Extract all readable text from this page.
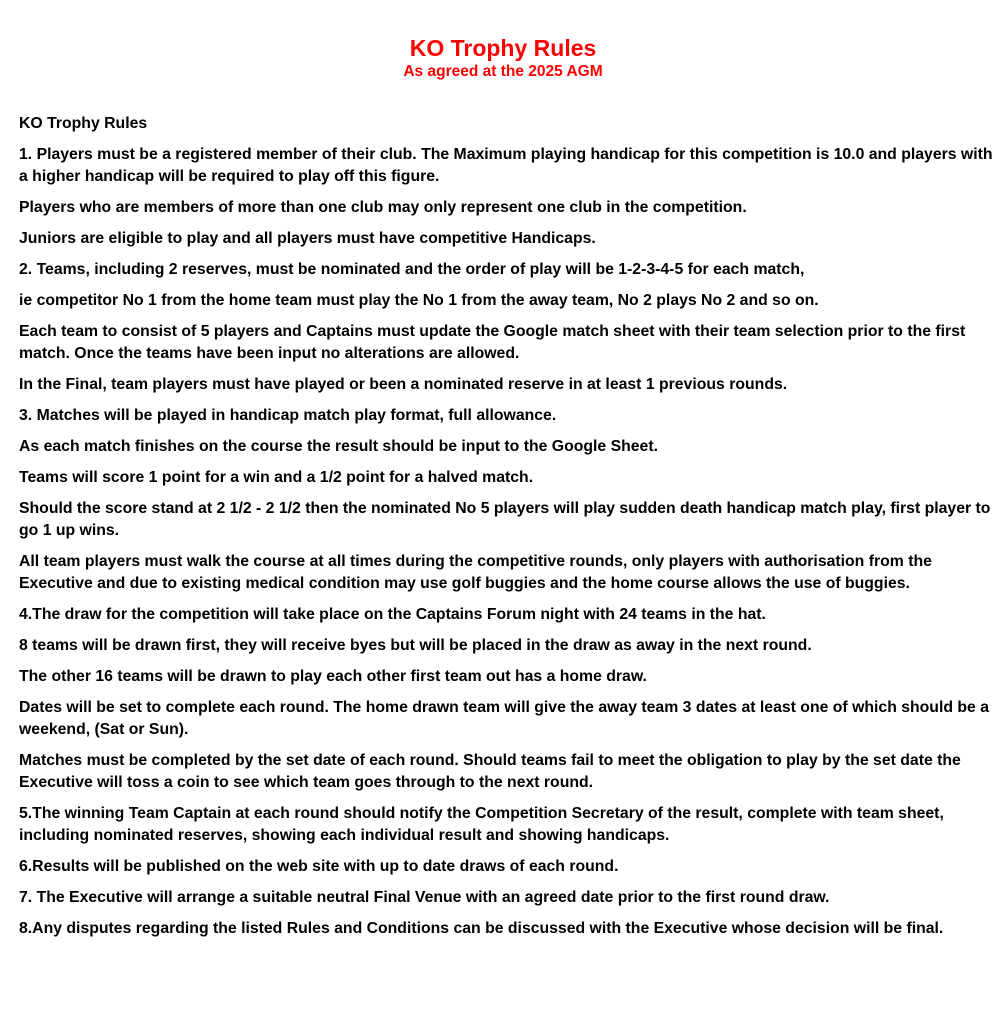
KO Trophy Rules
As agreed at the 2025 AGM

KO Trophy Rules

1. Players must be a registered member of their club. The Maximum playing handicap for this competition is 10.0 and players with a higher handicap will be required to play off this figure.

Players who are members of more than one club may only represent one club in the competition.

Juniors are eligible to play and all players must have competitive Handicaps.

2. Teams, including 2 reserves, must be nominated and the order of play will be 1-2-3-4-5 for each match,

ie competitor No 1 from the home team must play the No 1 from the away team, No 2 plays No 2 and so on.

Each team to consist of 5 players and Captains must update the Google match sheet with their team selection prior to the first match. Once the teams have been input no alterations are allowed.

In the Final, team players must have played or been a nominated reserve in at least 1 previous rounds.

3. Matches will be played in handicap match play format, full allowance.

As each match finishes on the course the result should be input to the Google Sheet.

Teams will score 1 point for a win and a 1/2 point for a halved match.

Should the score stand at 2 1/2 - 2 1/2 then the nominated No 5 players will play sudden death handicap match play, first player to go 1 up wins.

All team players must walk the course at all times during the competitive rounds, only players with authorisation from the Executive and due to existing medical condition may use golf buggies and the home course allows the use of buggies.

4.The draw for the competition will take place on the Captains Forum night with 24 teams in the hat.

8 teams will be drawn first, they will receive byes but will be placed in the draw as away in the next round.

The other 16 teams will be drawn to play each other first team out has a home draw.

Dates will be set to complete each round. The home drawn team will give the away team 3 dates at least one of which should be a weekend, (Sat or Sun).

Matches must be completed by the set date of each round. Should teams fail to meet the obligation to play by the set date the Executive will toss a coin to see which team goes through to the next round.

5.The winning Team Captain at each round should notify the Competition Secretary of the result, complete with team sheet, including nominated reserves, showing each individual result and showing handicaps.

6.Results will be published on the web site with up to date draws of each round.

7. The Executive will arrange a suitable neutral Final Venue with an agreed date prior to the first round draw.

8.Any disputes regarding the listed Rules and Conditions can be discussed with the Executive whose decision will be final.
